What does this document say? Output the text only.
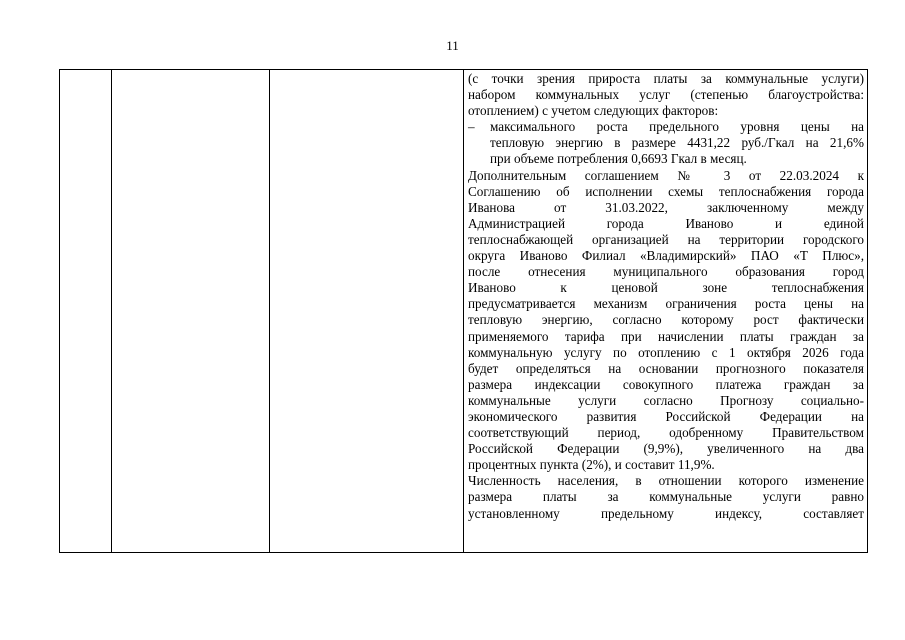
11

(с точки зрения прироста платы за коммунальные услуги)

набором коммунальных услуг (степенью благоустройства:

отоплением) с учетом следующих факторов:

–	максимального роста предельного уровня цены на

тепловую энергию в размере 4431,22 руб./Гкал на 21,6%

при объеме потребления 0,6693 Гкал в месяц.

Дополнительным соглашением № 3 от 22.03.2024 к

Соглашению об исполнении схемы теплоснабжения города

Иванова от 31.03.2022, заключенному между

Администрацией города Иваново и единой

теплоснабжающей организацией на территории городского

округа Иваново Филиал «Владимирский» ПАО «Т Плюс»,

после отнесения муниципального образования город

Иваново к ценовой зоне теплоснабжения

предусматривается механизм ограничения роста цены на

тепловую энергию, согласно которому рост фактически

применяемого тарифа при начислении платы граждан за

коммунальную услугу по отоплению с 1 октября 2026 года

будет определяться на основании прогнозного показателя

размера индексации совокупного платежа граждан за

коммунальные услуги согласно Прогнозу социально-

экономического развития Российской Федерации на

соответствующий период, одобренному Правительством

Российской Федерации (9,9%), увеличенного на два

процентных пункта (2%), и составит 11,9%.

Численность населения, в отношении которого изменение

размера платы за коммунальные услуги равно

установленному предельному индексу, составляет
